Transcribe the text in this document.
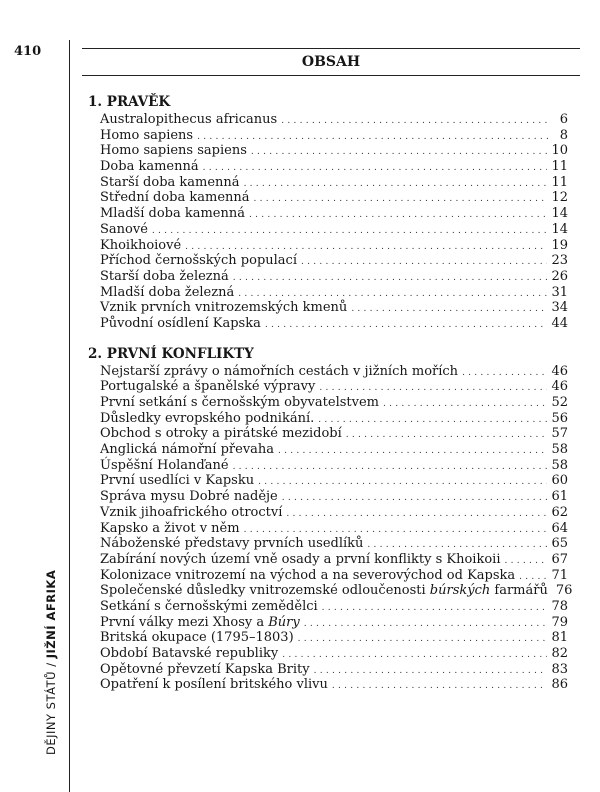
410
DĚJINY STÁTŮ / JIŽNÍ AFRIKA
OBSAH
1. PRAVĚK
Australopithecus africanus . . .	6
Homo sapiens . . .	8
Homo sapiens sapiens . . .	10
Doba kamenná . . .	11
Starší doba kamenná . . .	11
Střední doba kamenná . . .	12
Mladší doba kamenná . . .	14
Sanové . . .	14
Khoikhoiové . . .	19
Příchod černošských populací . . .	23
Starší doba železná . . .	26
Mladší doba železná . . .	31
Vznik prvních vnitrozemských kmenů . . .	34
Původní osídlení Kapska . . .	44
2. PRVNÍ KONFLIKTY
Nejstarší zprávy o námořních cestách v jižních mořích . . .	46
Portugalské a španělské výpravy . . .	46
První setkání s černošským obyvatelstvem . . .	52
Důsledky evropského podnikání. . . .	56
Obchod s otroky a pirátské mezidobí . . .	57
Anglická námořní převaha . . .	58
Úspěšní Holanďané . . .	58
První usedlíci v Kapsku . . .	60
Správa mysu Dobré naděje . . .	61
Vznik jihoafrického otroctví . . .	62
Kapsko a život v něm . . .	64
Náboženské představy prvních usedlíků . . .	65
Zabírání nových území vně osady a první konflikty s Khoikoii . . .	67
Kolonizace vnitrozemí na východ a na severovýchod od Kapska . . .	71
Společenské důsledky vnitrozemské odloučenosti búrských farmářů 76
Setkání s černošskými zemědělci . . .	78
První války mezi Xhosy a Búry . . .	79
Britská okupace (1795–1803) . . .	81
Období Batavské republiky . . .	82
Opětovné převzetí Kapska Brity . . .	83
Opatření k posílení britského vlivu . . .	86
